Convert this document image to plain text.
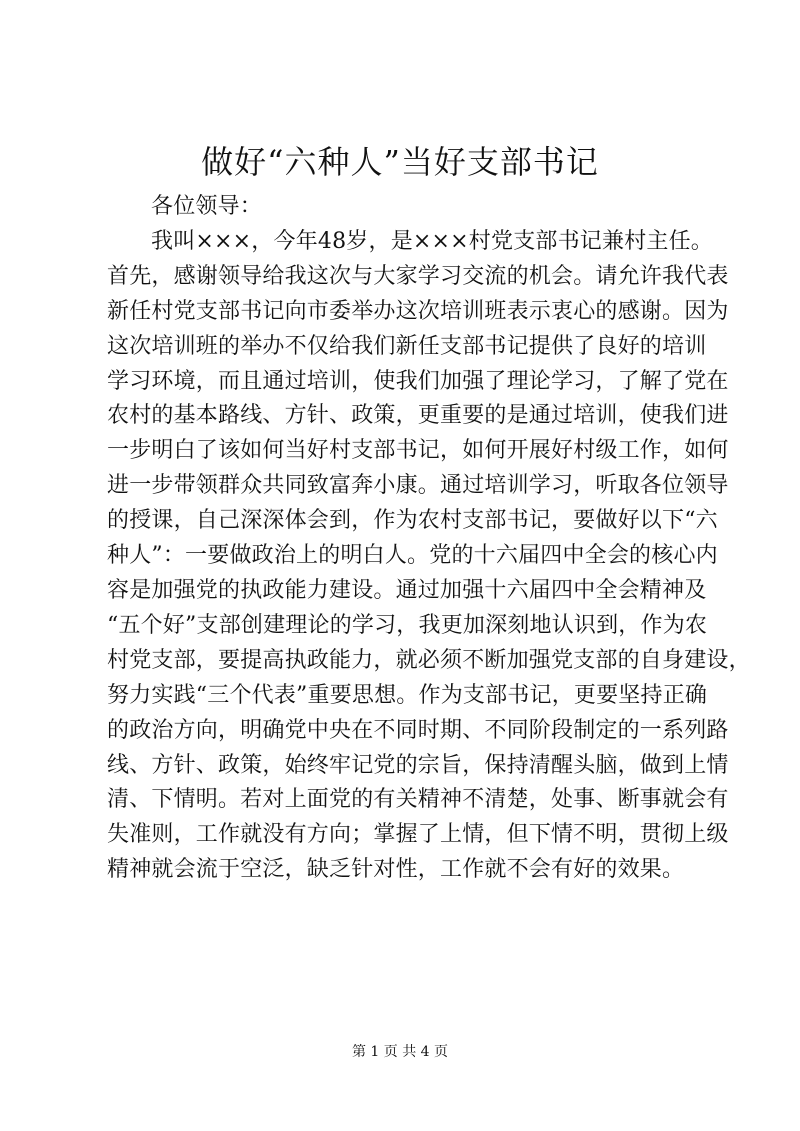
做好“六种人”当好支部书记

各位领导：

我叫×××，今年48岁，是×××村党支部书记兼村主任。
首先，感谢领导给我这次与大家学习交流的机会。请允许我代表
新任村党支部书记向市委举办这次培训班表示衷心的感谢。因为
这次培训班的举办不仅给我们新任支部书记提供了良好的培训
学习环境，而且通过培训，使我们加强了理论学习，了解了党在
农村的基本路线、方针、政策，更重要的是通过培训，使我们进
一步明白了该如何当好村支部书记，如何开展好村级工作，如何
进一步带领群众共同致富奔小康。通过培训学习，听取各位领导
的授课，自己深深体会到，作为农村支部书记，要做好以下“六
种人”：一要做政治上的明白人。党的十六届四中全会的核心内
容是加强党的执政能力建设。通过加强十六届四中全会精神及
“五个好”支部创建理论的学习，我更加深刻地认识到，作为农
村党支部，要提高执政能力，就必须不断加强党支部的自身建设，
努力实践“三个代表”重要思想。作为支部书记，更要坚持正确
的政治方向，明确党中央在不同时期、不同阶段制定的一系列路
线、方针、政策，始终牢记党的宗旨，保持清醒头脑，做到上情
清、下情明。若对上面党的有关精神不清楚，处事、断事就会有
失准则，工作就没有方向；掌握了上情，但下情不明，贯彻上级
精神就会流于空泛，缺乏针对性，工作就不会有好的效果。
第 1 页 共 4 页
